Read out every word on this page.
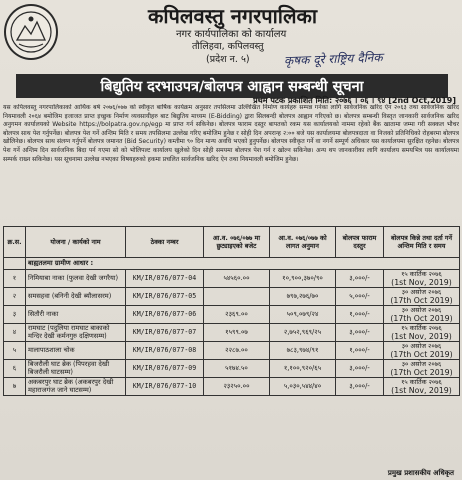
कपिलवस्तु नगरपालिका
नगर कार्यपालिका को कार्यालय
तौलिहवा, कपिलवस्तु
(प्रदेश न. ५)	कृषक दूरे राष्ट्रिय दैनिक
बिद्युतिय दरभाउपत्र/बोलपत्र आह्वान सम्बन्धी सूचना
प्रथम पटक प्रकाशित मिति: २०७६ । ०६ । ९४ [2nd Oct,2019]
यस कपिलवस्तु नगरपालिकाको आर्थिक बर्ष २०७६/०७७ को स्वीकृत बार्षिक कार्यक्रम अनुसार तपसिलमा उल्लिखित निर्माण कार्यहरु सम्पन्न गर्नका लागि सार्वजनिक खरिद ऐन २०६३ तथा सार्वजनिक खरिद नियमावली २०६४ बमोजिम इजाजत प्राप्त इच्छुक निर्माण व्यवसायीहरु बाट बिद्युतिय माध्यम (E-Bidding) द्वारा सिलबन्दी बोलपत्र आह्वान गरिएको छ। बोलपत्र सम्बन्धी विस्तृत जानकारी सार्वजनिक खरिद अनुगमन कार्यालयको Website https://bolpatra.gov.np/egp मा प्राप्त गर्न सकिनेछ। बोलपत्र फाराम दस्तुर बापतको रकम यस कार्यालयको नाममा रहेको बैंक खातामा जम्मा गरी सक्कल भौचर बोलपत्र साथ पेश गर्नुपर्नेछ। बोलपत्र पेश गर्ने अन्तिम मिति र समय तपसिलमा उल्लेख गरिए बमोजिम हुनेछ र सोही दिन अपरान्ह २:०० बजे यस कार्यालयमा बोलपत्रदाता वा निजको प्रतिनिधिको रोहबरमा बोलपत्र खोलिनेछ। बोलपत्र साथ संलग्न गर्नुपर्ने बोलपत्र जमानत (Bid Security) कम्तीमा ९० दिन मान्य अवधि भएको हुनुपर्नेछ। बोलपत्र स्वीकृत गर्ने वा नगर्ने सम्पूर्ण अधिकार यस कार्यालयमा सुरक्षित रहनेछ। बोलपत्र पेश गर्ने अन्तिम दिन सार्वजनिक बिदा पर्न गएमा सो को भोलिपल्ट कार्यालय खुलेको दिन सोही समयमा बोलपत्र पेश गर्न र खोल्न सकिनेछ। अन्य थप जानकारीका लागि कार्यालय समयभित्र यस कार्यालयमा सम्पर्क राख्न सकिनेछ। यस सूचनामा उल्लेख नभएका विषयहरुको हकमा प्रचलित सार्वजनिक खरिद ऐन तथा नियमावली बमोजिम हुनेछ।
क्र.स.	योजना / कार्यको नाम	ठेक्का नम्बर	आ.व. ०७६/०७७ मा छुट्याइएको बजेट	आ.व. ०७६/०७७ को लागत अनुमान	बोलपत्र फाराम दस्तुर	बोलपत्र किन्ने तथा दर्ता गर्ने अन्तिम मिति र समय
	बाह्यतलमा ग्रामीण आधार :					
१	निमियाबा नाका (फुलवा देखी जगरैया)	KM/IR/076/077-04	५४५६०.००	१०,९००,३७०/९०	३,०००/-	१५ कार्तिक २०७६
(1st Nov, 2019)

२	समसहवा (बनिनी देखी ब्यौलासरम)	KM/IR/076/077-05		७९७,२७६/७०	५,०००/-	३० असोज २०७६
(17th Oct 2019)

३	सितौरी नाका	KM/IR/076/077-06	२३६९.००	५०९,०७९/२४	१,०००/-	३० असोज २०७६
(17th Oct 2019)

४	रामघाट (पदुलिया रामघाट बाकाको मन्दिर देखी कर्मनगुरु दक्षिणसम्म)	KM/IR/076/077-07	१५९९.०७	२,७५२,९६९/२५	३,०००/-	१५ कार्तिक २०७६
(1st Nov, 2019)

५	मालापाठशाला चोक	KM/IR/076/077-08	२२८७.००	७८३,९७४/९१	१,०००/-	३० असोज २०७६
(17th Oct 2019)

६	बिजरौली घाट ब्रेक (पिपरहवा देखी बिजरौली घाटसम्म)	KM/IR/076/077-09	५१७४.५०	१,१००,९२०/६५	३,०००/-	३० असोज २०७६
(17th Oct 2019)

७	अकबरपुर घाट ब्रेक (अकबरपुर देखी महाराजगंज जाने घाटसम्म)	KM/IR/076/077-10	२३२५०.००	५,०३०,५४४/४०	३,०००/-	१५ कार्तिक २०७६
(1st Nov, 2019)
प्रमुख प्रशासकीय अधिकृत
